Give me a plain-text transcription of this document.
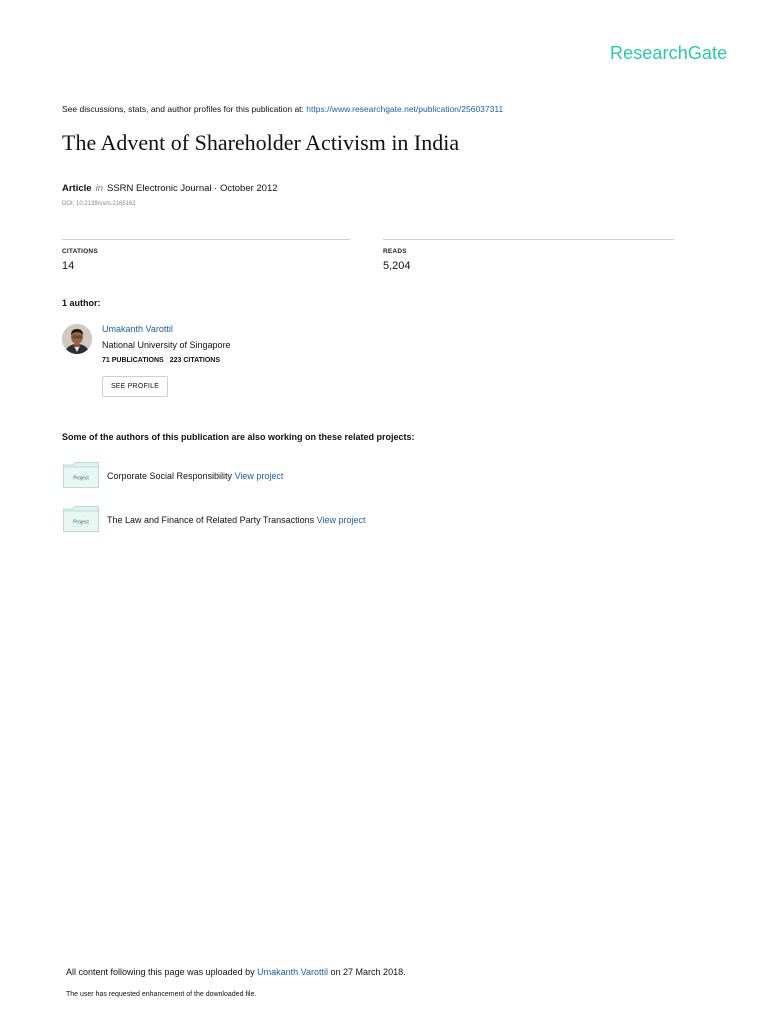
ResearchGate
See discussions, stats, and author profiles for this publication at: https://www.researchgate.net/publication/256037311
The Advent of Shareholder Activism in India
Article in SSRN Electronic Journal · October 2012
DOI: 10.2139/ssrn.2165162
CITATIONS
14
READS
5,204
1 author:
Umakanth Varottil
National University of Singapore
71 PUBLICATIONS 223 CITATIONS
SEE PROFILE
Some of the authors of this publication are also working on these related projects:
Project Corporate Social Responsibility View project
Project The Law and Finance of Related Party Transactions View project
All content following this page was uploaded by Umakanth Varottil on 27 March 2018.
The user has requested enhancement of the downloaded file.
